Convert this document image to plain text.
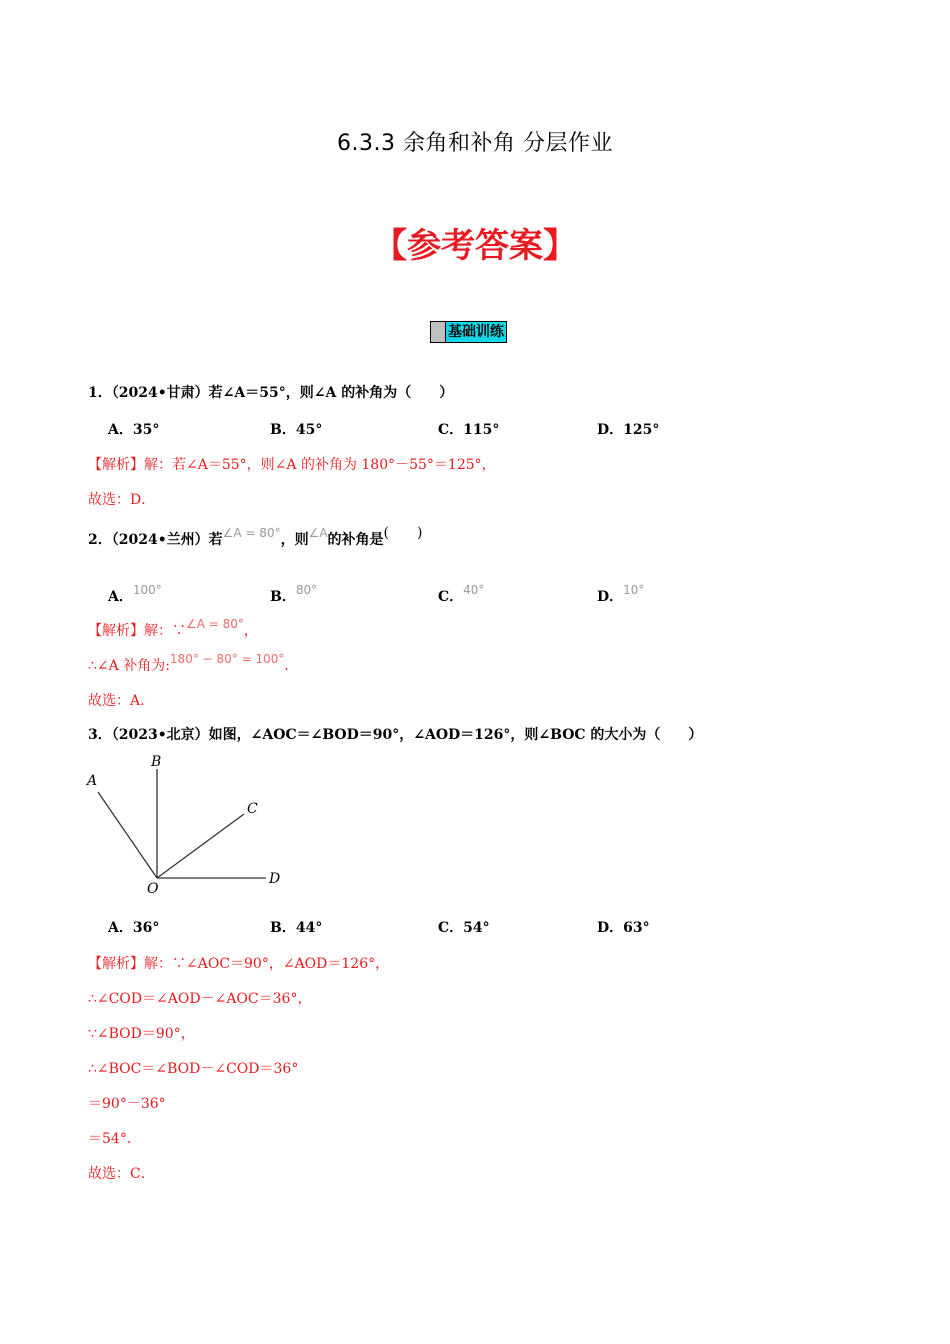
6.3.3 余角和补角 分层作业
【参考答案】
基础训练
1．（2024•甘肃）若∠A＝55°，则∠A 的补角为（　　）
A．35°	B．45°	C．115°	D．125°
【解析】解：若∠A＝55°，则∠A 的补角为 180°－55°＝125°，
故选：D．
2．（2024•兰州）若∠A = 80°，则∠A的补角是(　　)
A．100°	B．80°	C．40°	D．10°
【解析】解：∵∠A = 80°，
∴∠A 补角为:180° − 80° = 100°．
故选：A．
3．（2023•北京）如图，∠AOC＝∠BOD＝90°，∠AOD＝126°，则∠BOC 的大小为（　　）
A
B
C
D
O
A．36°	B．44°	C．54°	D．63°
【解析】解：∵∠AOC＝90°，∠AOD＝126°，
∴∠COD＝∠AOD－∠AOC＝36°，
∵∠BOD＝90°，
∴∠BOC＝∠BOD－∠COD＝36°
＝90°－36°
＝54°．
故选：C．
